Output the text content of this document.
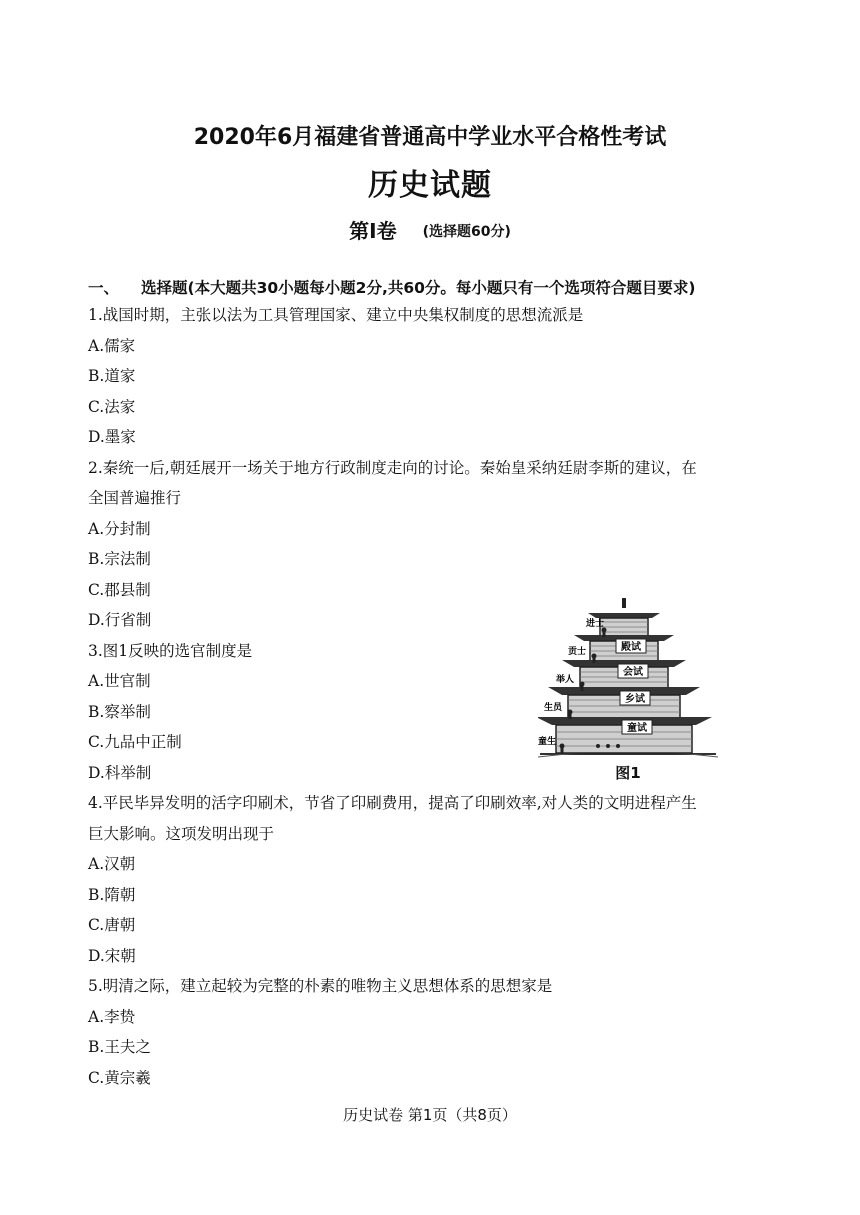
2020年6月福建省普通高中学业水平合格性考试
历史试题
第Ⅰ卷 (选择题60分)
一、 选择题(本大题共30小题每小题2分,共60分。每小题只有一个选项符合题目要求)
1.战国时期，主张以法为工具管理国家、建立中央集权制度的思想流派是
A.儒家
B.道家
C.法家
D.墨家
2.秦统一后,朝廷展开一场关于地方行政制度走向的讨论。秦始皇采纳廷尉李斯的建议，在
全国普遍推行
A.分封制
B.宗法制
C.郡县制
D.行省制
3.图1反映的选官制度是
A.世官制
B.察举制
C.九品中正制
D.科举制
4.平民毕异发明的活字印刷术，节省了印刷费用，提高了印刷效率,对人类的文明进程产生
巨大影响。这项发明出现于
A.汉朝
B.隋朝
C.唐朝
D.宋朝
5.明清之际，建立起较为完整的朴素的唯物主义思想体系的思想家是
A.李贽
B.王夫之
C.黄宗羲
殿试
会试
乡试
童试
进士
贡士
举人
生员
童生
图1
历史试卷 第1页（共8页）
